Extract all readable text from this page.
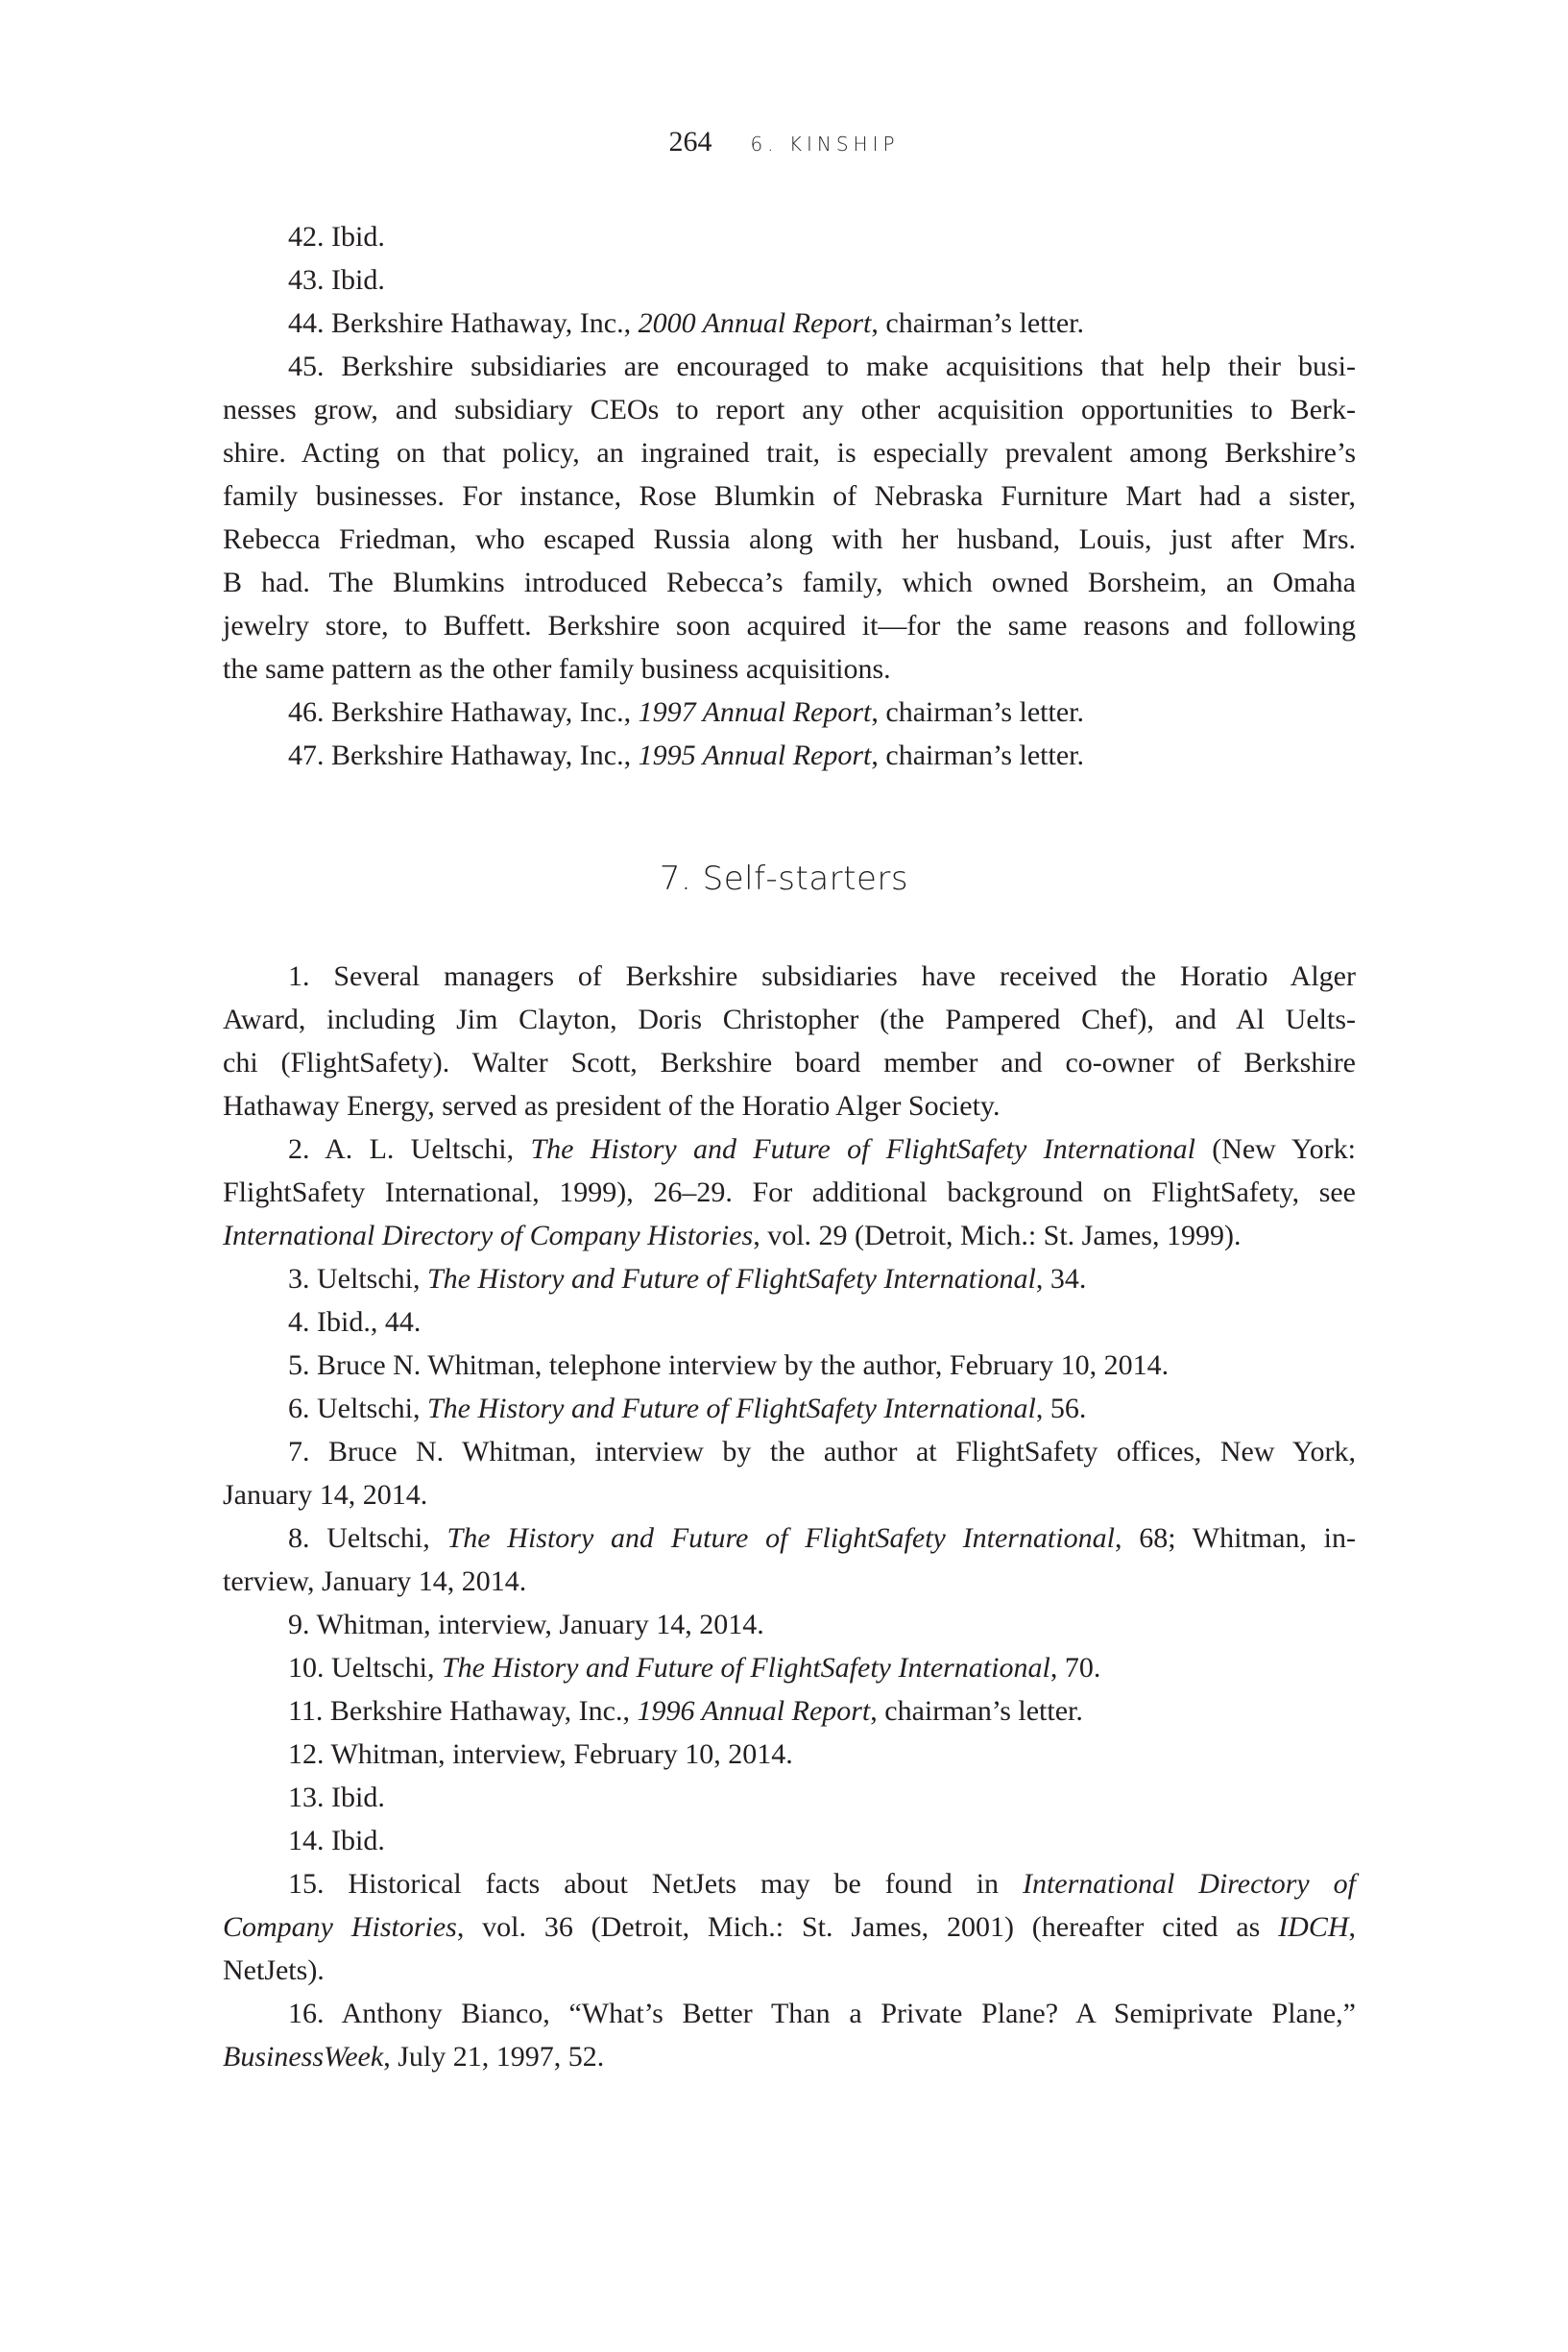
264 6. KINSHIP
42. Ibid.
43. Ibid.
44. Berkshire Hathaway, Inc., 2000 Annual Report, chairman’s letter.
45. Berkshire subsidiaries are encouraged to make acquisitions that help their busi-
nesses grow, and subsidiary CEOs to report any other acquisition opportunities to Berk-
shire. Acting on that policy, an ingrained trait, is especially prevalent among Berkshire’s
family businesses. For instance, Rose Blumkin of Nebraska Furniture Mart had a sister,
Rebecca Friedman, who escaped Russia along with her husband, Louis, just after Mrs.
B had. The Blumkins introduced Rebecca’s family, which owned Borsheim, an Omaha
jewelry store, to Buffett. Berkshire soon acquired it—for the same reasons and following
the same pattern as the other family business acquisitions.
46. Berkshire Hathaway, Inc., 1997 Annual Report, chairman’s letter.
47. Berkshire Hathaway, Inc., 1995 Annual Report, chairman’s letter.
7. Self-starters
1. Several managers of Berkshire subsidiaries have received the Horatio Alger
Award, including Jim Clayton, Doris Christopher (the Pampered Chef), and Al Uelts-
chi (FlightSafety). Walter Scott, Berkshire board member and co-owner of Berkshire
Hathaway Energy, served as president of the Horatio Alger Society.
2. A. L. Ueltschi, The History and Future of FlightSafety International (New York:
FlightSafety International, 1999), 26–29. For additional background on FlightSafety, see
International Directory of Company Histories, vol. 29 (Detroit, Mich.: St. James, 1999).
3. Ueltschi, The History and Future of FlightSafety International, 34.
4. Ibid., 44.
5. Bruce N. Whitman, telephone interview by the author, February 10, 2014.
6. Ueltschi, The History and Future of FlightSafety International, 56.
7. Bruce N. Whitman, interview by the author at FlightSafety offices, New York,
January 14, 2014.
8. Ueltschi, The History and Future of FlightSafety International, 68; Whitman, in-
terview, January 14, 2014.
9. Whitman, interview, January 14, 2014.
10. Ueltschi, The History and Future of FlightSafety International, 70.
11. Berkshire Hathaway, Inc., 1996 Annual Report, chairman’s letter.
12. Whitman, interview, February 10, 2014.
13. Ibid.
14. Ibid.
15. Historical facts about NetJets may be found in International Directory of
Company Histories, vol. 36 (Detroit, Mich.: St. James, 2001) (hereafter cited as IDCH,
NetJets).
16. Anthony Bianco, “What’s Better Than a Private Plane? A Semiprivate Plane,”
BusinessWeek, July 21, 1997, 52.
